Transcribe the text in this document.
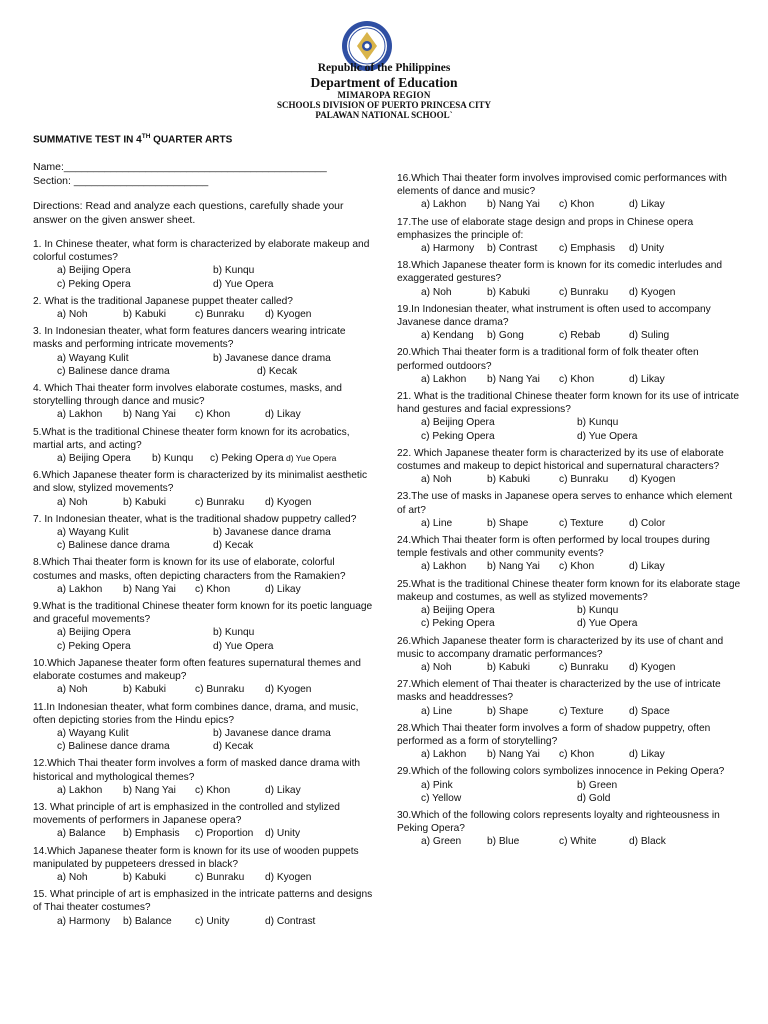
Republic of the Philippines
Department of Education
MIMAROPA REGION
SCHOOLS DIVISION OF PUERTO PRINCESA CITY
PALAWAN NATIONAL SCHOOL`
SUMMATIVE TEST IN 4TH QUARTER ARTS
Name:_____________________________________________
Section: _______________________
Directions: Read and analyze each questions, carefully shade your answer on the given answer sheet.
1. In Chinese theater, what form is characterized by elaborate makeup and colorful costumes?
a) Beijing Opera	b) Kunqu
c) Peking Opera	d) Yue Opera
2. What is the traditional Japanese puppet theater called?
a) Noh	b) Kabuki	c) Bunraku	d) Kyogen
3. In Indonesian theater, what form features dancers wearing intricate masks and performing intricate movements?
a) Wayang Kulit	b) Javanese dance drama
c) Balinese dance drama	d) Kecak
4. Which Thai theater form involves elaborate costumes, masks, and storytelling through dance and music?
a) Lakhon	b) Nang Yai	c) Khon	d) Likay
5.What is the traditional Chinese theater form known for its acrobatics, martial arts, and acting?
a) Beijing Opera	b) Kunqu	c) Peking Opera d) Yue Opera
6.Which Japanese theater form is characterized by its minimalist aesthetic and slow, stylized movements?
a) Noh	b) Kabuki	c) Bunraku	d) Kyogen
7. In Indonesian theater, what is the traditional shadow puppetry called?
a) Wayang Kulit	b) Javanese dance drama
c) Balinese dance drama	d) Kecak
8.Which Thai theater form is known for its use of elaborate, colorful costumes and masks, often depicting characters from the Ramakien?
a) Lakhon	b) Nang Yai	c) Khon	d) Likay
9.What is the traditional Chinese theater form known for its poetic language and graceful movements?
a) Beijing Opera	b) Kunqu
c) Peking Opera	d) Yue Opera
10.Which Japanese theater form often features supernatural themes and elaborate costumes and makeup?
a) Noh	b) Kabuki	c) Bunraku	d) Kyogen
11.In Indonesian theater, what form combines dance, drama, and music, often depicting stories from the Hindu epics?
a) Wayang Kulit	b) Javanese dance drama
c) Balinese dance drama	d) Kecak
12.Which Thai theater form involves a form of masked dance drama with historical and mythological themes?
a) Lakhon	b) Nang Yai	c) Khon	d) Likay
13. What principle of art is emphasized in the controlled and stylized movements of performers in Japanese opera?
a) Balance	b) Emphasis	c) Proportion	d) Unity
14.Which Japanese theater form is known for its use of wooden puppets manipulated by puppeteers dressed in black?
a) Noh	b) Kabuki	c) Bunraku	d) Kyogen
15. What principle of art is emphasized in the intricate patterns and designs of Thai theater costumes?
a) Harmony	b) Balance	c) Unity	d) Contrast
16.Which Thai theater form involves improvised comic performances with elements of dance and music?
a) Lakhon	b) Nang Yai	c) Khon	d) Likay
17.The use of elaborate stage design and props in Chinese opera emphasizes the principle of:
a) Harmony	b) Contrast	c) Emphasis	d) Unity
18.Which Japanese theater form is known for its comedic interludes and exaggerated gestures?
a) Noh	b) Kabuki	c) Bunraku	d) Kyogen
19.In Indonesian theater, what instrument is often used to accompany Javanese dance drama?
a) Kendang	b) Gong	c) Rebab	d) Suling
20.Which Thai theater form is a traditional form of folk theater often performed outdoors?
a) Lakhon	b) Nang Yai	c) Khon	d) Likay
21. What is the traditional Chinese theater form known for its use of intricate hand gestures and facial expressions?
a) Beijing Opera	b) Kunqu
c) Peking Opera	d) Yue Opera
22. Which Japanese theater form is characterized by its use of elaborate costumes and makeup to depict historical and supernatural characters?
a) Noh	b) Kabuki	c) Bunraku	d) Kyogen
23.The use of masks in Japanese opera serves to enhance which element of art?
a) Line	b) Shape	c) Texture	d) Color
24.Which Thai theater form is often performed by local troupes during temple festivals and other community events?
a) Lakhon	b) Nang Yai	c) Khon	d) Likay
25.What is the traditional Chinese theater form known for its elaborate stage makeup and costumes, as well as stylized movements?
a) Beijing Opera	b) Kunqu
c) Peking Opera	d) Yue Opera
26.Which Japanese theater form is characterized by its use of chant and music to accompany dramatic performances?
a) Noh	b) Kabuki	c) Bunraku	d) Kyogen
27.Which element of Thai theater is characterized by the use of intricate masks and headdresses?
a) Line	b) Shape	c) Texture	d) Space
28.Which Thai theater form involves a form of shadow puppetry, often performed as a form of storytelling?
a) Lakhon	b) Nang Yai	c) Khon	d) Likay
29.Which of the following colors symbolizes innocence in Peking Opera?
a) Pink	b) Green
c) Yellow	d) Gold
30.Which of the following colors represents loyalty and righteousness in Peking Opera?
a) Green	b) Blue	c) White	d) Black
